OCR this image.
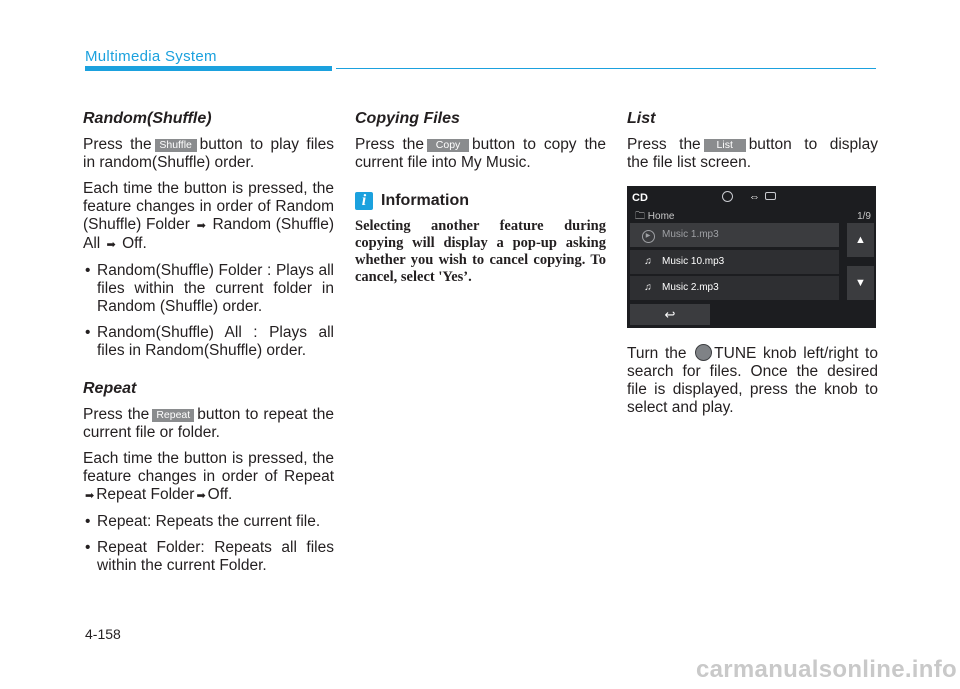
Multimedia System
Random(Shuffle)

Press the Shuffle button to play files in random(Shuffle) order.

Each time the button is pressed, the feature changes in order of Random (Shuffle) Folder ➡ Random (Shuffle) All ➡ Off.

• Random(Shuffle) Folder : Plays all files within the current folder in Random (Shuffle) order.
• Random(Shuffle) All : Plays all files in Random(Shuffle) order.
Repeat

Press the Repeat button to repeat the current file or folder.

Each time the button is pressed, the feature changes in order of Repeat ➡ Repeat Folder ➡ Off.

• Repeat: Repeats the current file.
• Repeat Folder: Repeats all files within the current Folder.
Copying Files

Press the Copy button to copy the current file into My Music.

i Information

Selecting another feature during copying will display a pop-up asking whether you wish to cancel copying. To cancel, select 'Yes’.

List

Press the List button to display the file list screen.

CD	⇔
🗀 Home	1/9
▶	Music 1.mp3
♫	Music 10.mp3
♫	Music 2.mp3
▲
▼
↩

Turn the TUNE knob left/right to search for files. Once the desired file is displayed, press the knob to select and play.

4-158
carmanualsonline.info
